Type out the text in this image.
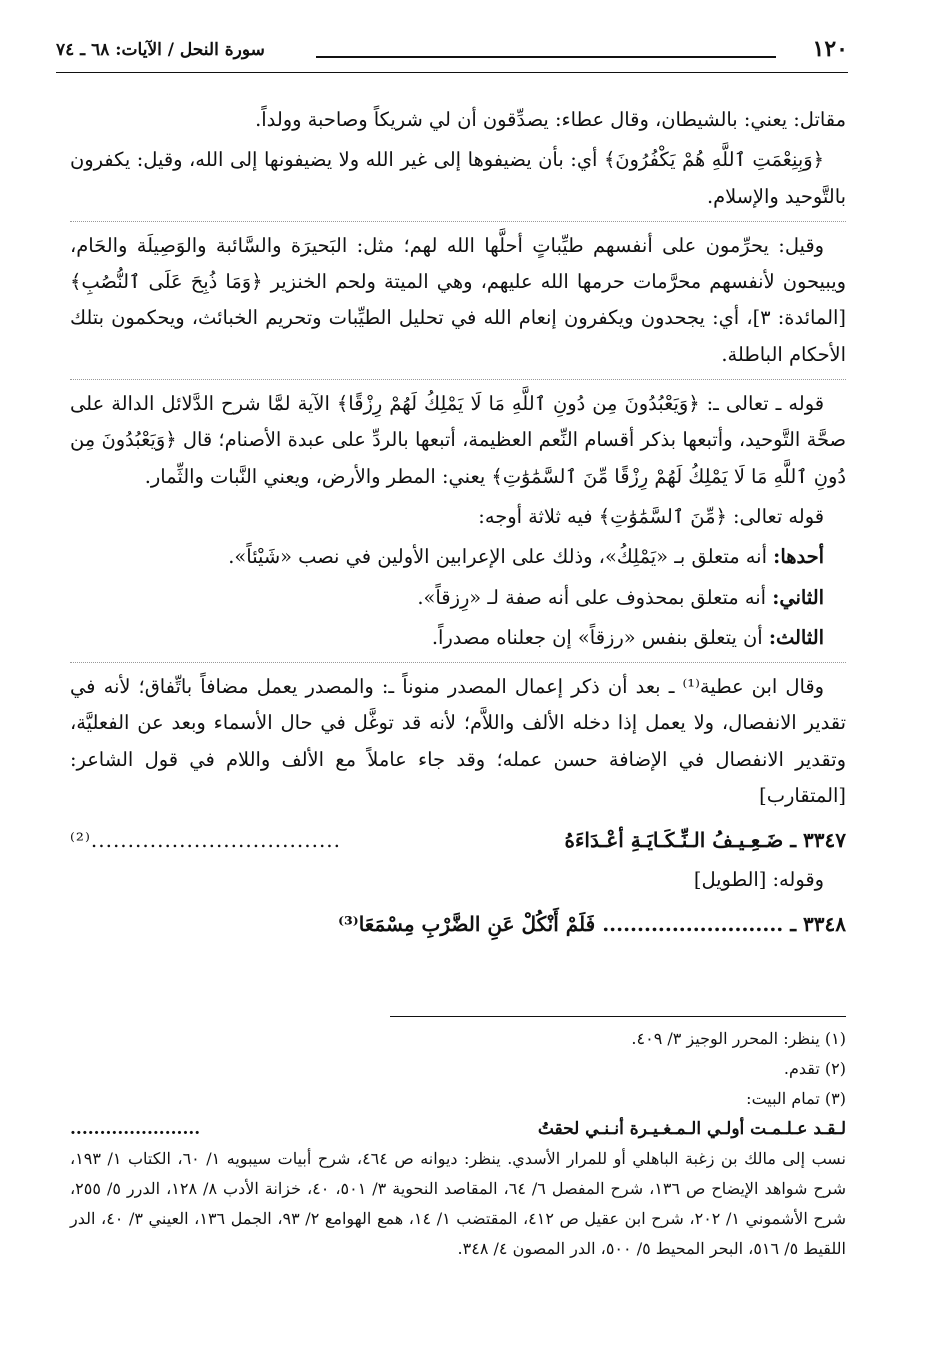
١٢٠
سورة النحل / الآيات: ٦٨ ـ ٧٤

مقاتل: يعني: بالشيطان، وقال عطاء: يصدِّقون أن لي شريكاً وصاحبة وولداً.

﴿وَبِنِعْمَتِ ٱللَّهِ هُمْ يَكْفُرُونَ﴾ أي: بأن يضيفوها إلى غير الله ولا يضيفونها إلى الله، وقيل: يكفرون بالتَّوحيد والإسلام.

وقيل: يحرِّمون على أنفسهم طيِّباتٍ أحلَّها الله لهم؛ مثل: البَحيرَة والسَّائبة والوَصِيلَة والحَام، ويبيحون لأنفسهم محرَّمات حرمها الله عليهم، وهي الميتة ولحم الخنزير ﴿وَمَا ذُبِحَ عَلَى ٱلنُّصُبِ﴾ [المائدة: ٣]، أي: يجحدون ويكفرون إنعام الله في تحليل الطيِّبات وتحريم الخبائث، ويحكمون بتلك الأحكام الباطلة.

قوله ـ تعالى ـ: ﴿وَيَعْبُدُونَ مِن دُونِ ٱللَّهِ مَا لَا يَمْلِكُ لَهُمْ رِزْقًا﴾ الآية لمَّا شرح الدَّلائل الدالة على صحَّة التَّوحيد، وأتبعها بذكر أقسام النِّعم العظيمة، أتبعها بالردِّ على عبدة الأصنام؛ قال ﴿وَيَعْبُدُونَ مِن دُونِ ٱللَّهِ مَا لَا يَمْلِكُ لَهُمْ رِزْقًا مِّنَ ٱلسَّمَٰوَٰتِ﴾ يعني: المطر والأرض، ويعني النَّبات والثِّمار.

قوله تعالى: ﴿مِّنَ ٱلسَّمَٰوَٰتِ﴾ فيه ثلاثة أوجه:

أحدها: أنه متعلق بـ «يَمْلِكُ»، وذلك على الإعرابين الأولين في نصب «شَيْئاً».

الثاني: أنه متعلق بمحذوف على أنه صفة لـ «رِزقاً».

الثالث: أن يتعلق بنفس «رزقاً» إن جعلناه مصدراً.

وقال ابن عطية⁽¹⁾ ـ بعد أن ذكر إعمال المصدر منوناً ـ: والمصدر يعمل مضافاً باتِّفاق؛ لأنه في تقدير الانفصال، ولا يعمل إذا دخله الألف واللاَّم؛ لأنه قد توغَّل في حال الأسماء وبعد عن الفعليَّة، وتقدير الانفصال في الإضافة حسن عمله؛ وقد جاء عاملاً مع الألف واللام في قول الشاعر: [المتقارب]

٣٣٤٧ ـ ضَـعِـيـفُ الـنِّـكَـايَـةِ أعْـدَاءَهُ
..................................⁽²⁾

وقوله: [الطويل]

٣٣٤٨ ـ .......................... فَلَمْ أَنْكُلْ عَنِ الضَّرْبِ مِسْمَعَا⁽³⁾

(١) ينظر: المحرر الوجيز ٣/ ٤٠٩.

(٢) تقدم.

(٣) تمام البيت:

لـقـد عـلـمـت أولـي الـمـغـيـرة أنـنـي لحقتُ
......................

نسب إلى مالك بن زغبة الباهلي أو للمرار الأسدي. ينظر: ديوانه ص ٤٦٤، شرح أبيات سيبويه ١/ ٦٠، الكتاب ١/ ١٩٣، شرح شواهد الإيضاح ص ١٣٦، شرح المفصل ٦/ ٦٤، المقاصد النحوية ٣/ ٥٠١، ٤٠، خزانة الأدب ٨/ ١٢٨، الدرر ٥/ ٢٥٥، شرح الأشموني ١/ ٢٠٢، شرح ابن عقيل ص ٤١٢، المقتضب ١/ ١٤، همع الهوامع ٢/ ٩٣، الجمل ١٣٦، العيني ٣/ ٤٠، الدر اللقيط ٥/ ٥١٦، البحر المحيط ٥/ ٥٠٠، الدر المصون ٤/ ٣٤٨.
